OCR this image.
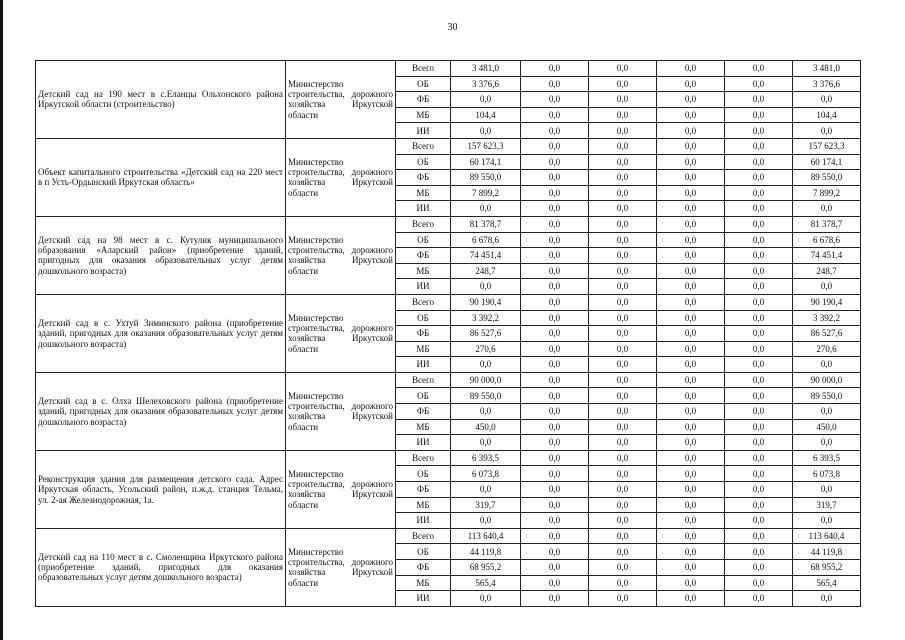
30
Детский сад на 190 мест в с.Еланцы Ольхонского района Иркутской области (строительство)	Министерство строительства, дорожного хозяйства Иркутской области	Всего	3 481,0	0,0	0,0	0,0	0,0	3 481,0
		ОБ	3 376,6	0,0	0,0	0,0	0,0	3 376,6
		ФБ	0,0	0,0	0,0	0,0	0,0	0,0
		МБ	104,4	0,0	0,0	0,0	0,0	104,4
		ИИ	0,0	0,0	0,0	0,0	0,0	0,0
Объект капитального строительства «Детский сад на 220 мест в п Усть-Ордынский Иркутская область»	Министерство строительства, дорожного хозяйства Иркутской области	Всего	157 623,3	0,0	0,0	0,0	0,0	157 623,3
		ОБ	60 174,1	0,0	0,0	0,0	0,0	60 174,1
		ФБ	89 550,0	0,0	0,0	0,0	0,0	89 550,0
		МБ	7 899,2	0,0	0,0	0,0	0,0	7 899,2
		ИИ	0,0	0,0	0,0	0,0	0,0	0,0
Детский сад на 98 мест в с. Кутулик муниципального образования «Аларский район» (приобретение зданий, пригодных для оказания образовательных услуг детям дошкольного возраста)	Министерство строительства, дорожного хозяйства Иркутской области	Всего	81 378,7	0,0	0,0	0,0	0,0	81 378,7
		ОБ	6 678,6	0,0	0,0	0,0	0,0	6 678,6
		ФБ	74 451,4	0,0	0,0	0,0	0,0	74 451,4
		МБ	248,7	0,0	0,0	0,0	0,0	248,7
		ИИ	0,0	0,0	0,0	0,0	0,0	0,0
Детский сад в с. Ухтуй Зиминского района (приобретение зданий, пригодных для оказания образовательных услуг детям дошкольного возраста)	Министерство строительства, дорожного хозяйства Иркутской области	Всего	90 190,4	0,0	0,0	0,0	0,0	90 190,4
		ОБ	3 392,2	0,0	0,0	0,0	0,0	3 392,2
		ФБ	86 527,6	0,0	0,0	0,0	0,0	86 527,6
		МБ	270,6	0,0	0,0	0,0	0,0	270,6
		ИИ	0,0	0,0	0,0	0,0	0,0	0,0
Детский сад в с. Олха Шелеховского района (приобретение зданий, пригодных для оказания образовательных услуг детям дошкольного возраста)	Министерство строительства, дорожного хозяйства Иркутской области	Всего	90 000,0	0,0	0,0	0,0	0,0	90 000,0
		ОБ	89 550,0	0,0	0,0	0,0	0,0	89 550,0
		ФБ	0,0	0,0	0,0	0,0	0,0	0,0
		МБ	450,0	0,0	0,0	0,0	0,0	450,0
		ИИ	0,0	0,0	0,0	0,0	0,0	0,0
Реконструкция здания для размещения детского сада. Адрес Иркутская область, Усольский район, п.ж.д. станция Тельма, ул. 2-ая Железнодорожная, 1а.	Министерство строительства, дорожного хозяйства Иркутской области	Всего	6 393,5	0,0	0,0	0,0	0,0	6 393,5
		ОБ	6 073,8	0,0	0,0	0,0	0,0	6 073,8
		ФБ	0,0	0,0	0,0	0,0	0,0	0,0
		МБ	319,7	0,0	0,0	0,0	0,0	319,7
		ИИ	0,0	0,0	0,0	0,0	0,0	0,0
Детский сад на 110 мест в с. Смоленщина Иркутского района (приобретение зданий, пригодных для оказания образовательных услуг детям дошкольного возраста)	Министерство строительства, дорожного хозяйства Иркутской области	Всего	113 640,4	0,0	0,0	0,0	0,0	113 640,4
		ОБ	44 119,8	0,0	0,0	0,0	0,0	44 119,8
		ФБ	68 955,2	0,0	0,0	0,0	0,0	68 955,2
		МБ	565,4	0,0	0,0	0,0	0,0	565,4
		ИИ	0,0	0,0	0,0	0,0	0,0	0,0
